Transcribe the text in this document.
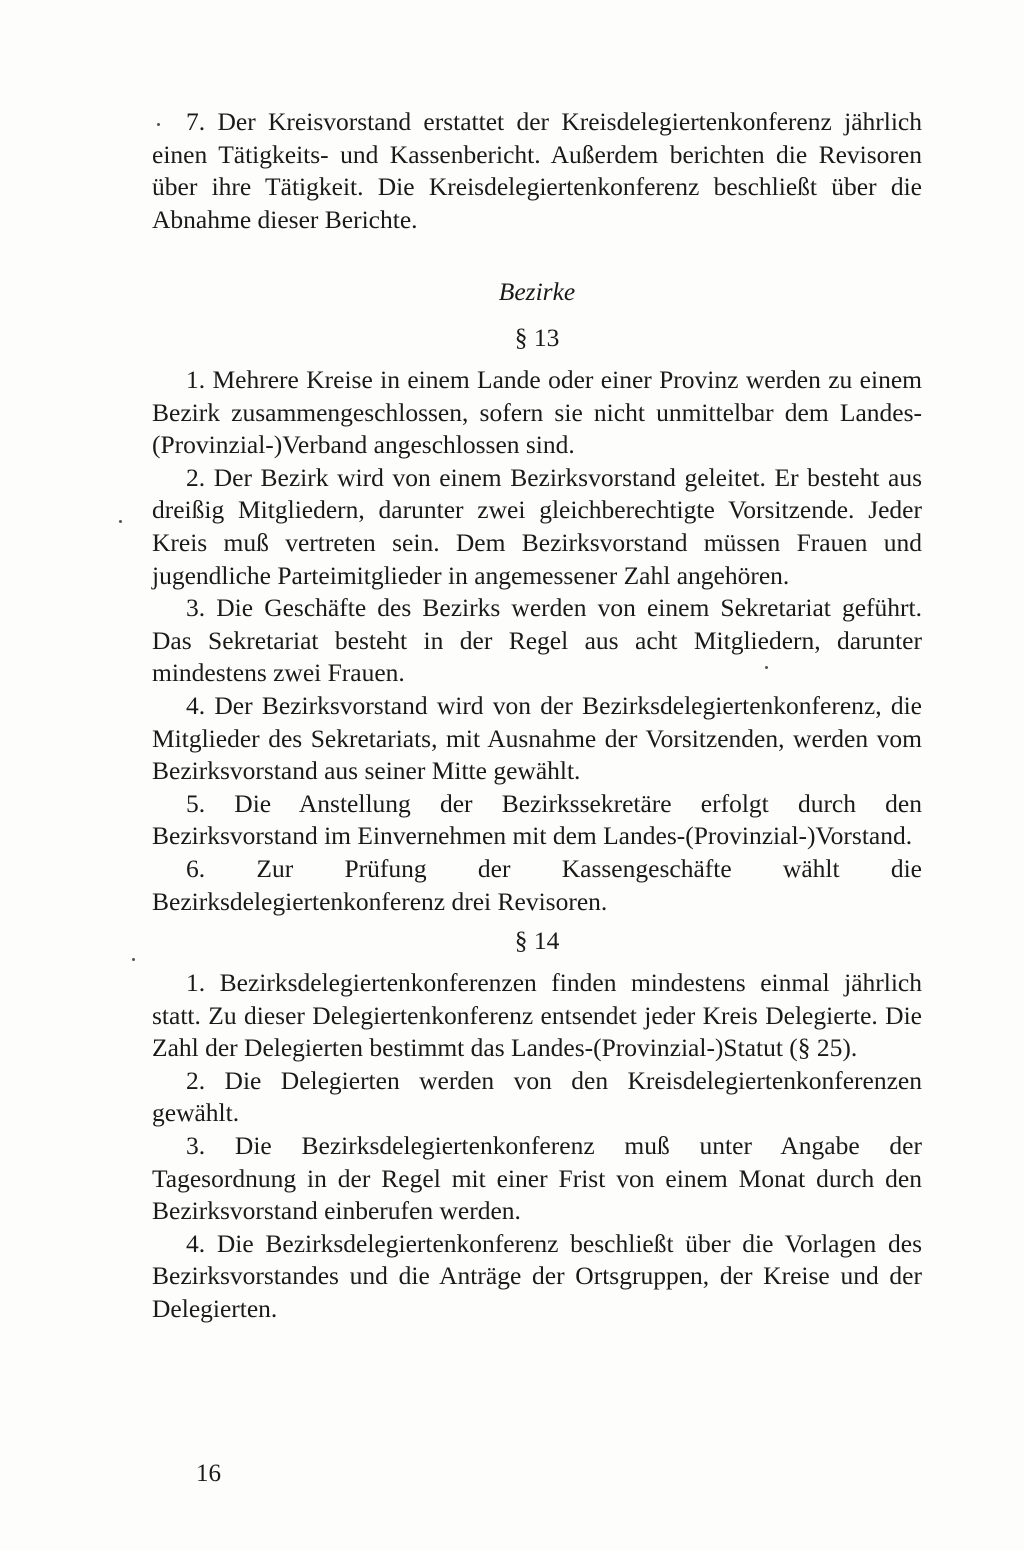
7. Der Kreisvorstand erstattet der Kreisdelegiertenkonferenz jährlich einen Tätigkeits- und Kassenbericht. Außerdem berichten die Revisoren über ihre Tätigkeit. Die Kreisdelegiertenkonferenz beschließt über die Abnahme dieser Berichte.

Bezirke
§ 13

1. Mehrere Kreise in einem Lande oder einer Provinz werden zu einem Bezirk zusammengeschlossen, sofern sie nicht unmittelbar dem Landes-(Provinzial-)Verband angeschlossen sind.

2. Der Bezirk wird von einem Bezirksvorstand geleitet. Er besteht aus dreißig Mitgliedern, darunter zwei gleichberechtigte Vorsitzende. Jeder Kreis muß vertreten sein. Dem Bezirksvorstand müssen Frauen und jugendliche Parteimitglieder in angemessener Zahl angehören.

3. Die Geschäfte des Bezirks werden von einem Sekretariat geführt. Das Sekretariat besteht in der Regel aus acht Mitgliedern, darunter mindestens zwei Frauen.

4. Der Bezirksvorstand wird von der Bezirksdelegiertenkonferenz, die Mitglieder des Sekretariats, mit Ausnahme der Vorsitzenden, werden vom Bezirksvorstand aus seiner Mitte gewählt.

5. Die Anstellung der Bezirkssekretäre erfolgt durch den Bezirksvorstand im Einvernehmen mit dem Landes-(Provinzial-)Vorstand.

6. Zur Prüfung der Kassengeschäfte wählt die Bezirksdelegiertenkonferenz drei Revisoren.

§ 14

1. Bezirksdelegiertenkonferenzen finden mindestens einmal jährlich statt. Zu dieser Delegiertenkonferenz entsendet jeder Kreis Delegierte. Die Zahl der Delegierten bestimmt das Landes-(Provinzial-)Statut (§ 25).

2. Die Delegierten werden von den Kreisdelegiertenkonferenzen gewählt.

3. Die Bezirksdelegiertenkonferenz muß unter Angabe der Tagesordnung in der Regel mit einer Frist von einem Monat durch den Bezirksvorstand einberufen werden.

4. Die Bezirksdelegiertenkonferenz beschließt über die Vorlagen des Bezirksvorstandes und die Anträge der Ortsgruppen, der Kreise und der Delegierten.

16
